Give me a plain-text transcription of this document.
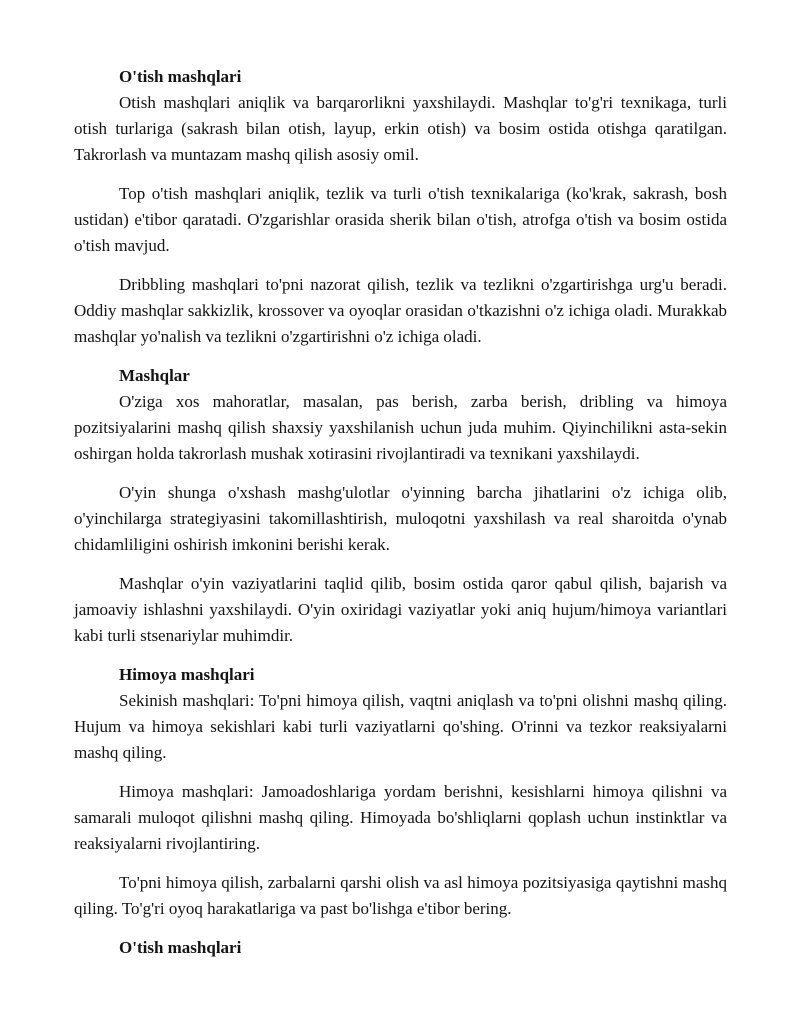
O'tish mashqlari

Otish mashqlari aniqlik va barqarorlikni yaxshilaydi. Mashqlar to'g'ri texnikaga, turli otish turlariga (sakrash bilan otish, layup, erkin otish) va bosim ostida otishga qaratilgan. Takrorlash va muntazam mashq qilish asosiy omil.

Top o'tish mashqlari aniqlik, tezlik va turli o'tish texnikalariga (ko'krak, sakrash, bosh ustidan) e'tibor qaratadi. O'zgarishlar orasida sherik bilan o'tish, atrofga o'tish va bosim ostida o'tish mavjud.

Dribbling mashqlari to'pni nazorat qilish, tezlik va tezlikni o'zgartirishga urg'u beradi. Oddiy mashqlar sakkizlik, krossover va oyoqlar orasidan o'tkazishni o'z ichiga oladi. Murakkab mashqlar yo'nalish va tezlikni o'zgartirishni o'z ichiga oladi.

Mashqlar

O'ziga xos mahoratlar, masalan, pas berish, zarba berish, dribling va himoya pozitsiyalarini mashq qilish shaxsiy yaxshilanish uchun juda muhim. Qiyinchilikni asta-sekin oshirgan holda takrorlash mushak xotirasini rivojlantiradi va texnikani yaxshilaydi.

O'yin shunga o'xshash mashg'ulotlar o'yinning barcha jihatlarini o'z ichiga olib, o'yinchilarga strategiyasini takomillashtirish, muloqotni yaxshilash va real sharoitda o'ynab chidamliligini oshirish imkonini berishi kerak.

Mashqlar o'yin vaziyatlarini taqlid qilib, bosim ostida qaror qabul qilish, bajarish va jamoaviy ishlashni yaxshilaydi. O'yin oxiridagi vaziyatlar yoki aniq hujum/himoya variantlari kabi turli stsenariylar muhimdir.

Himoya mashqlari

Sekinish mashqlari: To'pni himoya qilish, vaqtni aniqlash va to'pni olishni mashq qiling. Hujum va himoya sekishlari kabi turli vaziyatlarni qo'shing. O'rinni va tezkor reaksiyalarni mashq qiling.

Himoya mashqlari: Jamoadoshlariga yordam berishni, kesishlarni himoya qilishni va samarali muloqot qilishni mashq qiling. Himoyada bo'shliqlarni qoplash uchun instinktlar va reaksiyalarni rivojlantiring.

To'pni himoya qilish, zarbalarni qarshi olish va asl himoya pozitsiyasiga qaytishni mashq qiling. To'g'ri oyoq harakatlariga va past bo'lishga e'tibor bering.

O'tish mashqlari
